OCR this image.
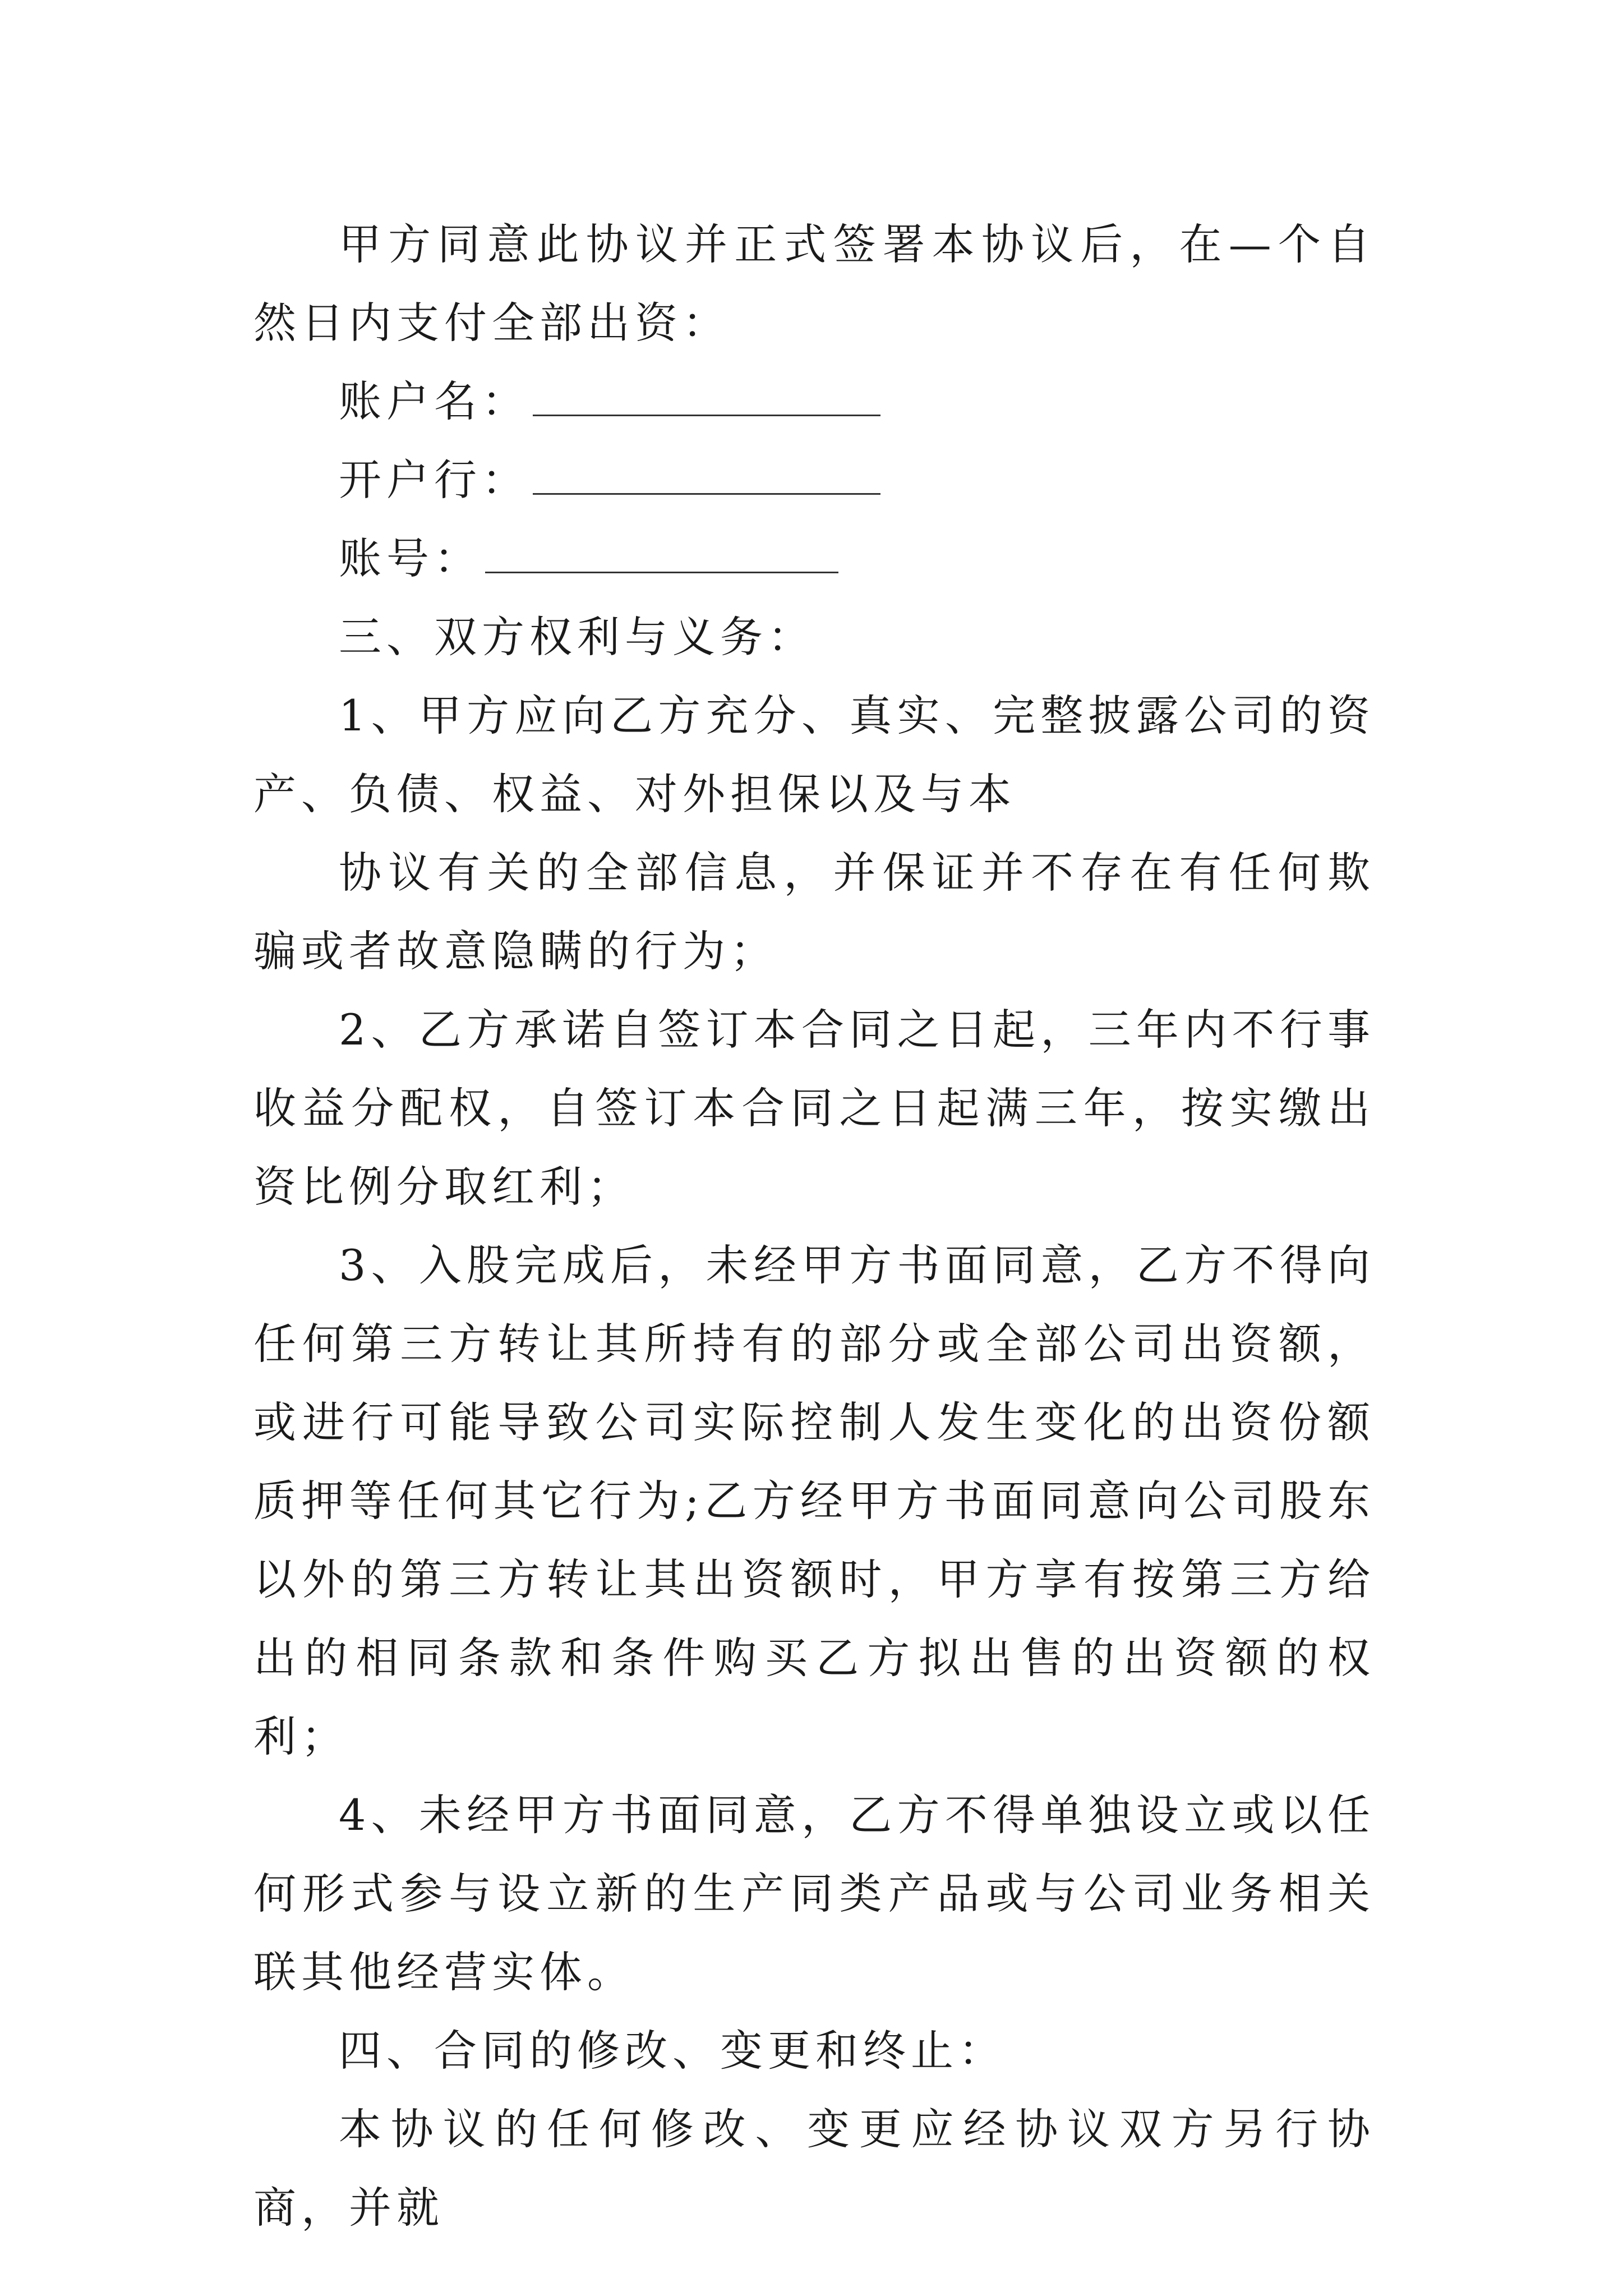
甲方同意此协议并正式签署本协议后，在—个自然日内支付全部出资：

账户名：

开户行：

账号：

三、双方权利与义务：

1、甲方应向乙方充分、真实、完整披露公司的资产、负债、权益、对外担保以及与本

协议有关的全部信息，并保证并不存在有任何欺骗或者故意隐瞒的行为；

2、乙方承诺自签订本合同之日起，三年内不行事收益分配权，自签订本合同之日起满三年，按实缴出资比例分取红利；

3、入股完成后，未经甲方书面同意，乙方不得向任何第三方转让其所持有的部分或全部公司出资额，或进行可能导致公司实际控制人发生变化的出资份额质押等任何其它行为;乙方经甲方书面同意向公司股东以外的第三方转让其出资额时，甲方享有按第三方给出的相同条款和条件购买乙方拟出售的出资额的权利；

4、未经甲方书面同意，乙方不得单独设立或以任何形式参与设立新的生产同类产品或与公司业务相关联其他经营实体。

四、合同的修改、变更和终止：

本协议的任何修改、变更应经协议双方另行协商，并就
